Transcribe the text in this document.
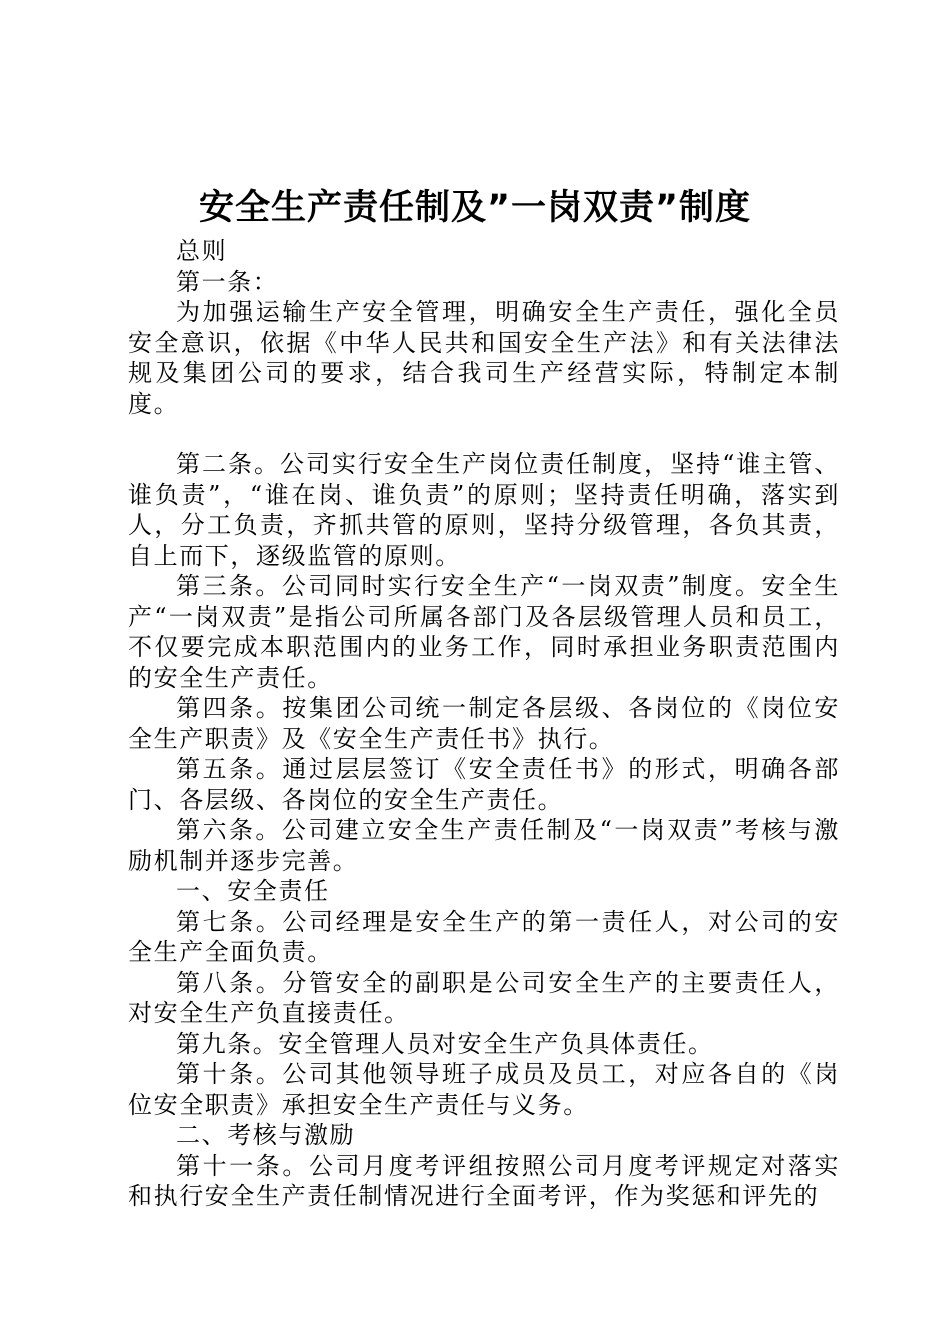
安全生产责任制及”一岗双责”制度

总则

第一条：

为加强运输生产安全管理，明确安全生产责任，强化全员安全意识，依据《中华人民共和国安全生产法》和有关法律法规及集团公司的要求，结合我司生产经营实际，特制定本制度。

第二条。公司实行安全生产岗位责任制度，坚持“谁主管、谁负责”，“谁在岗、谁负责”的原则；坚持责任明确，落实到人，分工负责，齐抓共管的原则，坚持分级管理，各负其责，自上而下，逐级监管的原则。

第三条。公司同时实行安全生产“一岗双责”制度。安全生产“一岗双责”是指公司所属各部门及各层级管理人员和员工，不仅要完成本职范围内的业务工作，同时承担业务职责范围内的安全生产责任。

第四条。按集团公司统一制定各层级、各岗位的《岗位安全生产职责》及《安全生产责任书》执行。

第五条。通过层层签订《安全责任书》的形式，明确各部门、各层级、各岗位的安全生产责任。

第六条。公司建立安全生产责任制及“一岗双责”考核与激励机制并逐步完善。

一、安全责任

第七条。公司经理是安全生产的第一责任人，对公司的安全生产全面负责。

第八条。分管安全的副职是公司安全生产的主要责任人，对安全生产负直接责任。

第九条。安全管理人员对安全生产负具体责任。

第十条。公司其他领导班子成员及员工，对应各自的《岗位安全职责》承担安全生产责任与义务。

二、考核与激励

第十一条。公司月度考评组按照公司月度考评规定对落实和执行安全生产责任制情况进行全面考评，作为奖惩和评先的
